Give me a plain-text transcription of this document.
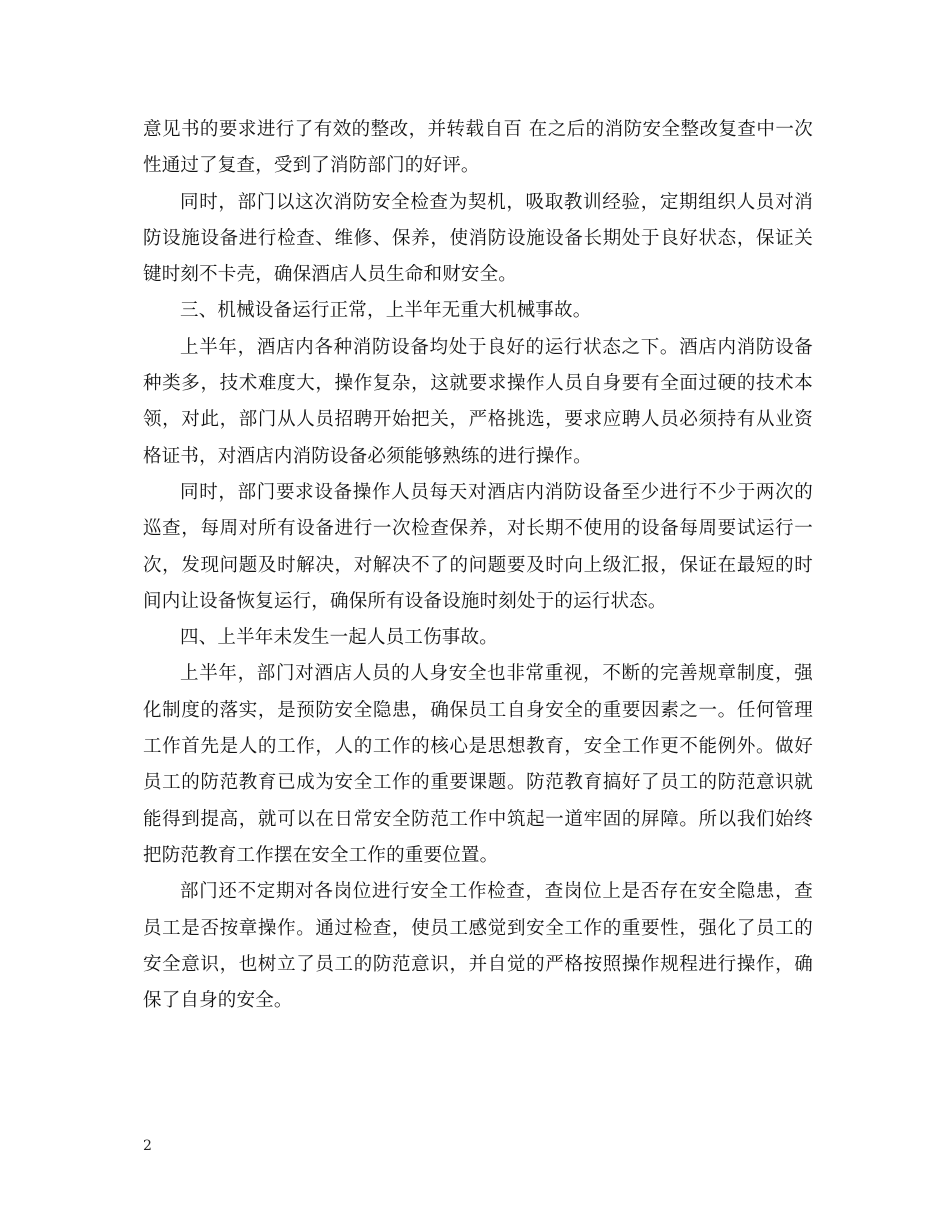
意见书的要求进行了有效的整改，并转载自百 在之后的消防安全整改复查中一次性通过了复查，受到了消防部门的好评。

同时，部门以这次消防安全检查为契机，吸取教训经验，定期组织人员对消防设施设备进行检查、维修、保养，使消防设施设备长期处于良好状态，保证关键时刻不卡壳，确保酒店人员生命和财安全。

三、机械设备运行正常，上半年无重大机械事故。

上半年，酒店内各种消防设备均处于良好的运行状态之下。酒店内消防设备种类多，技术难度大，操作复杂，这就要求操作人员自身要有全面过硬的技术本领，对此，部门从人员招聘开始把关，严格挑选，要求应聘人员必须持有从业资格证书，对酒店内消防设备必须能够熟练的进行操作。

同时，部门要求设备操作人员每天对酒店内消防设备至少进行不少于两次的巡查，每周对所有设备进行一次检查保养，对长期不使用的设备每周要试运行一次，发现问题及时解决，对解决不了的问题要及时向上级汇报，保证在最短的时间内让设备恢复运行，确保所有设备设施时刻处于的运行状态。

四、上半年未发生一起人员工伤事故。

上半年，部门对酒店人员的人身安全也非常重视，不断的完善规章制度，强化制度的落实，是预防安全隐患，确保员工自身安全的重要因素之一。任何管理工作首先是人的工作，人的工作的核心是思想教育，安全工作更不能例外。做好员工的防范教育已成为安全工作的重要课题。防范教育搞好了员工的防范意识就能得到提高，就可以在日常安全防范工作中筑起一道牢固的屏障。所以我们始终把防范教育工作摆在安全工作的重要位置。

部门还不定期对各岗位进行安全工作检查，查岗位上是否存在安全隐患，查员工是否按章操作。通过检查，使员工感觉到安全工作的重要性，强化了员工的安全意识，也树立了员工的防范意识，并自觉的严格按照操作规程进行操作，确保了自身的安全。

2
